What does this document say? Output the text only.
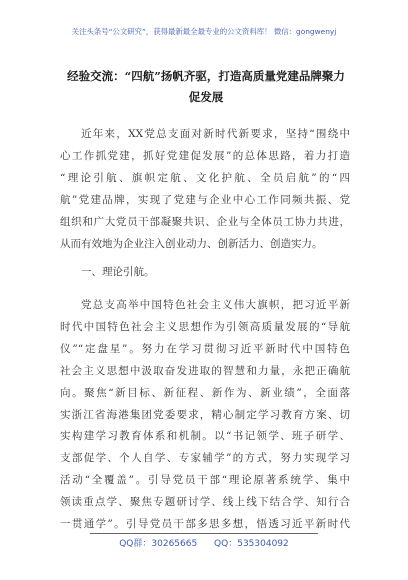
关注头条号“公文研究”，获得最新最全最专业的公文资料库！ 微信：gongwenyj
经验交流：“四航”扬帆齐驱，打造高质量党建品牌聚力
促发展
近年来，XX党总支面对新时代新要求，坚持“围绕中
心工作抓党建，抓好党建促发展”的总体思路，着力打造
“理论引航、旗帜定航、文化护航、全员启航”的“四
航”党建品牌，实现了党建与企业中心工作同频共振、党
组织和广大党员干部凝聚共识、企业与全体员工协力共进，
从而有效地为企业注入创业动力、创新活力、创造实力。
一、理论引航。
党总支高举中国特色社会主义伟大旗帜，把习近平新
时代中国特色社会主义思想作为引领高质量发展的“导航
仪”“定盘星”。努力在学习贯彻习近平新时代中国特色
社会主义思想中汲取奋发进取的智慧和力量，永把正确航
向。聚焦“新目标、新征程、新作为、新业绩”，全面落
实浙江省海港集团党委要求，精心制定学习教育方案、切
实构建学习教育体系和机制。以“书记领学、班子研学、
支部促学、个人自学、专家辅学”的方式，努力实现学习
活动“全覆盖”。引导党员干部“理论原著系统学、集中
领读重点学、聚焦专题研讨学、线上线下结合学、知行合
一贯通学”。引导党员干部多思多想，悟透习近平新时代
QQ群：30265665 QQ：535304092
